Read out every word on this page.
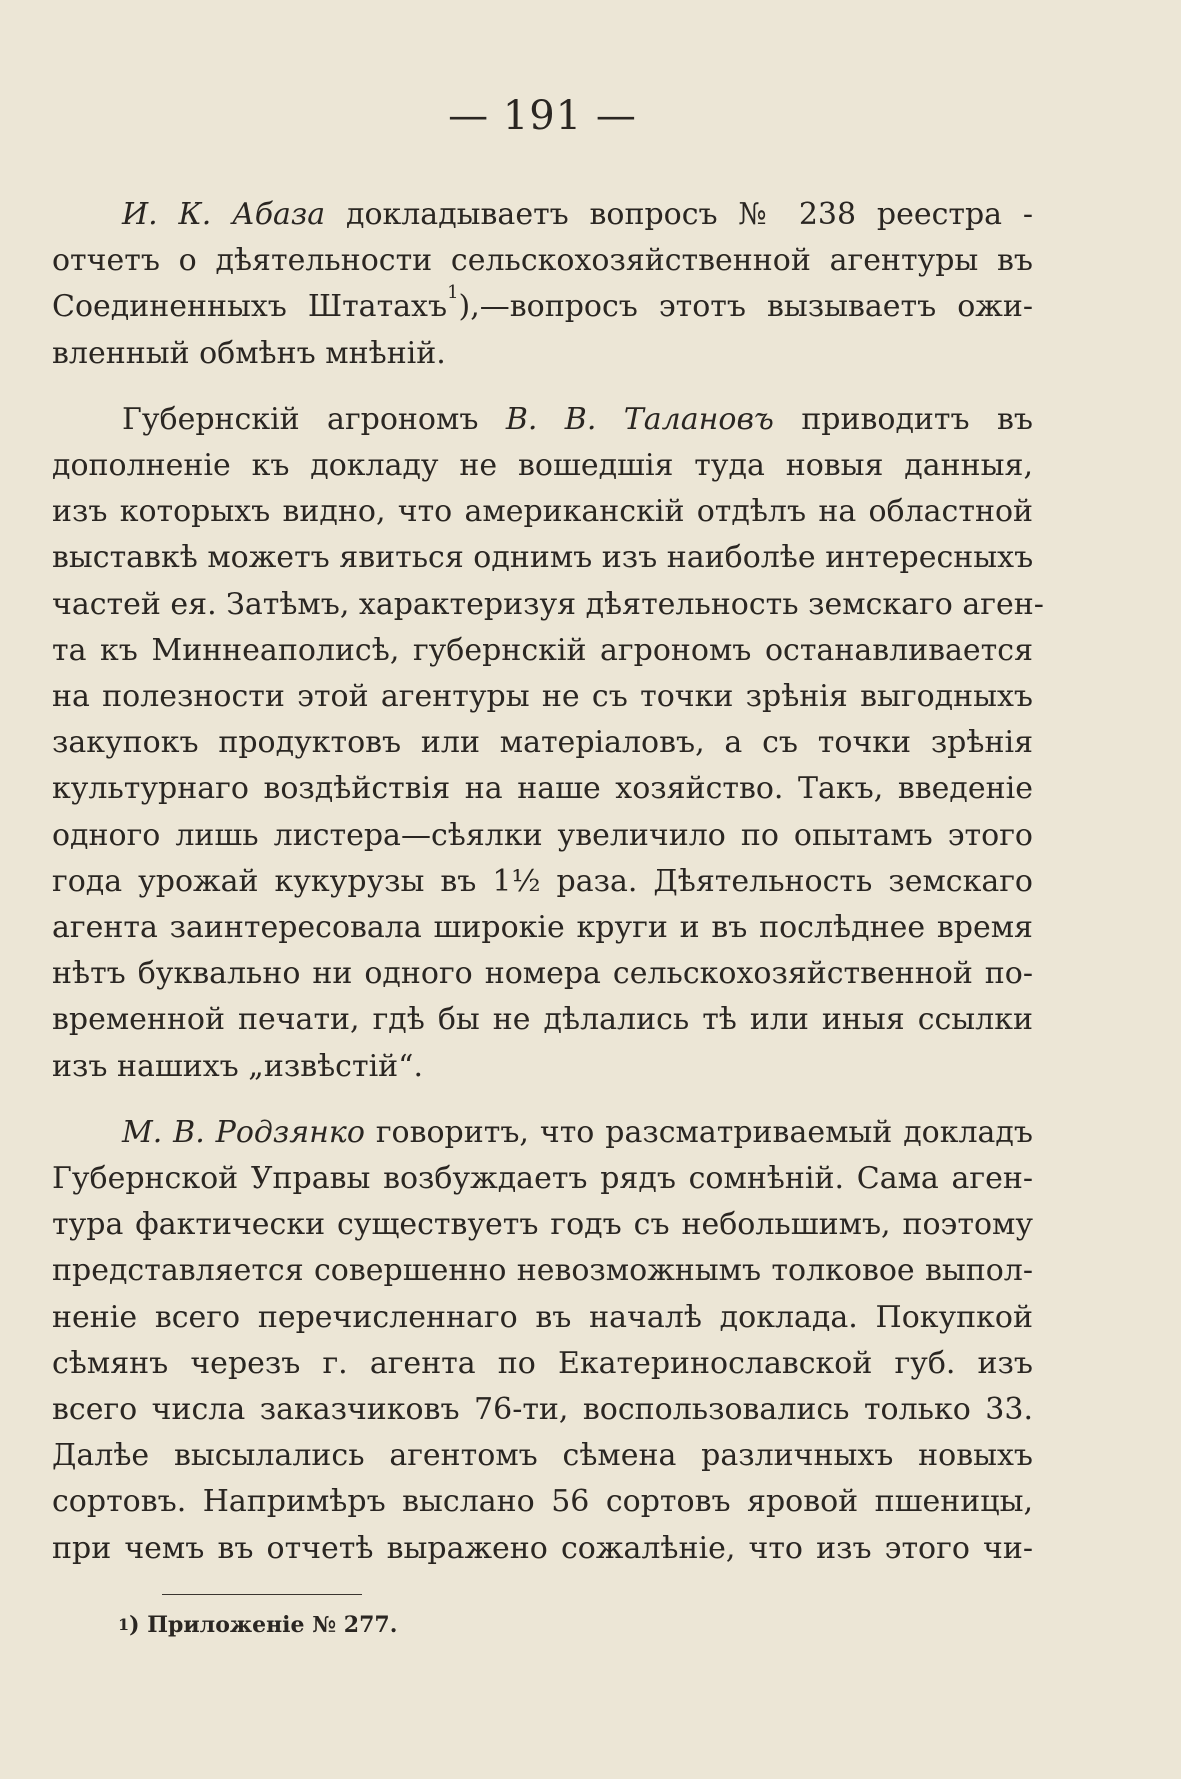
— 191 —
И. К. Абаза докладываетъ вопросъ № 238 реестра -
отчетъ о дѣятельности сельскохозяйственной агентуры въ
Соединенныхъ Штатахъ$^1$),—вопросъ этотъ вызываетъ ожи-
вленный обмѣнъ мнѣній.
Губернскій агрономъ В. В. Талановъ приводитъ въ
дополненіе къ докладу не вошедшія туда новыя данныя,
изъ которыхъ видно, что американскій отдѣлъ на областной
выставкѣ можетъ явиться однимъ изъ наиболѣе интересныхъ
частей ея. Затѣмъ, характеризуя дѣятельность земскаго аген-
та къ Миннеаполисѣ, губернскій агрономъ останавливается
на полезности этой агентуры не съ точки зрѣнія выгодныхъ
закупокъ продуктовъ или матеріаловъ, а съ точки зрѣнія
культурнаго воздѣйствія на наше хозяйство. Такъ, введеніе
одного лишь листера—сѣялки увеличило по опытамъ этого
года урожай кукурузы въ 1½ раза. Дѣятельность земскаго
агента заинтересовала широкіе круги и въ послѣднее время
нѣтъ буквально ни одного номера сельскохозяйственной по-
временной печати, гдѣ бы не дѣлались тѣ или иныя ссылки
изъ нашихъ „извѣстій“.
М. В. Родзянко говоритъ, что разсматриваемый докладъ
Губернской Управы возбуждаетъ рядъ сомнѣній. Сама аген-
тура фактически существуетъ годъ съ небольшимъ, поэтому
представляется совершенно невозможнымъ толковое выпол-
неніе всего перечисленнаго въ началѣ доклада. Покупкой
сѣмянъ черезъ г. агента по Екатеринославской губ. изъ
всего числа заказчиковъ 76-ти, воспользовались только 33.
Далѣе высылались агентомъ сѣмена различныхъ новыхъ
сортовъ. Напримѣръ выслано 56 сортовъ яровой пшеницы,
при чемъ въ отчетѣ выражено сожалѣніе, что изъ этого чи-
$^1$) Приложеніе № 277.
